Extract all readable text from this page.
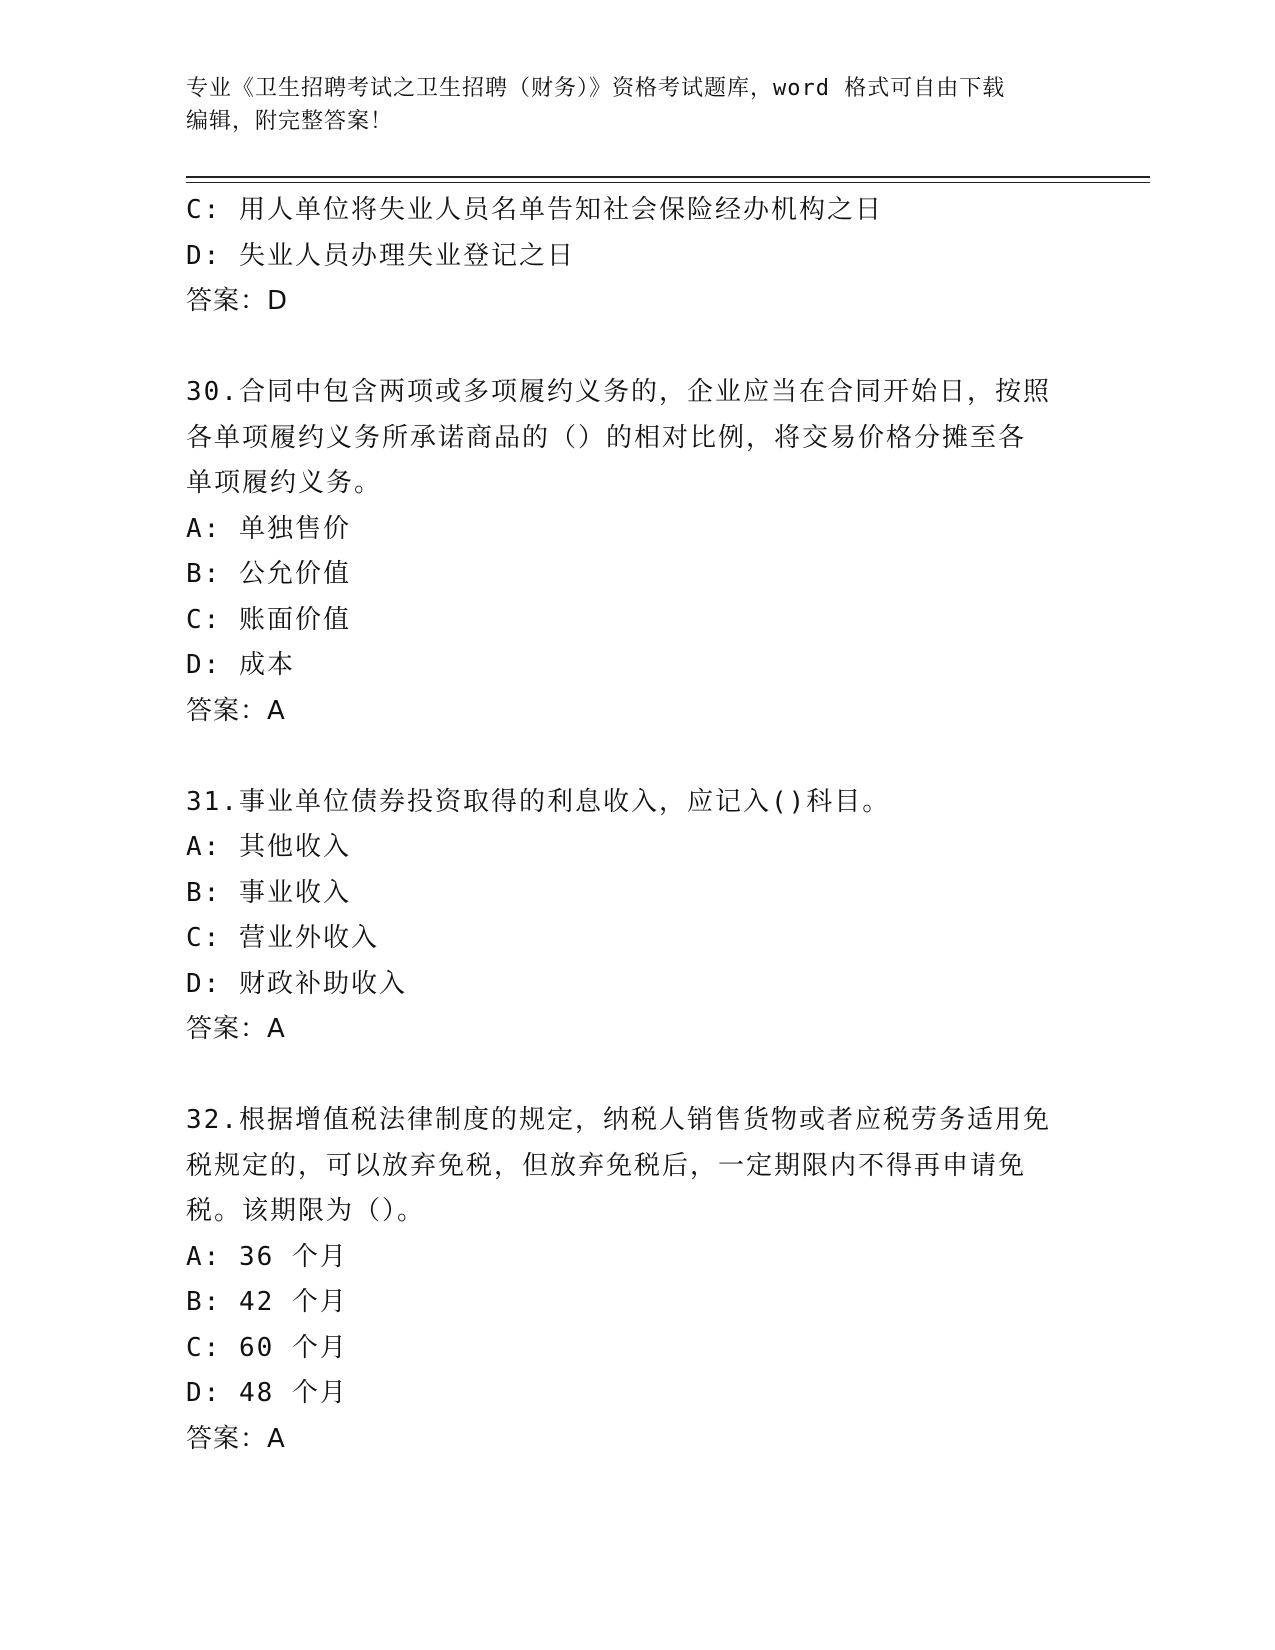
专业《卫生招聘考试之卫生招聘（财务）》资格考试题库，word 格式可自由下载
编辑，附完整答案！
C: 用人单位将失业人员名单告知社会保险经办机构之日
D: 失业人员办理失业登记之日
答案：D
30.合同中包含两项或多项履约义务的，企业应当在合同开始日，按照
各单项履约义务所承诺商品的（）的相对比例，将交易价格分摊至各
单项履约义务。
A: 单独售价
B: 公允价值
C: 账面价值
D: 成本
答案：A
31.事业单位债券投资取得的利息收入，应记入()科目。
A: 其他收入
B: 事业收入
C: 营业外收入
D: 财政补助收入
答案：A
32.根据增值税法律制度的规定，纳税人销售货物或者应税劳务适用免
税规定的，可以放弃免税，但放弃免税后，一定期限内不得再申请免
税。该期限为（）。
A: 36 个月
B: 42 个月
C: 60 个月
D: 48 个月
答案：A
